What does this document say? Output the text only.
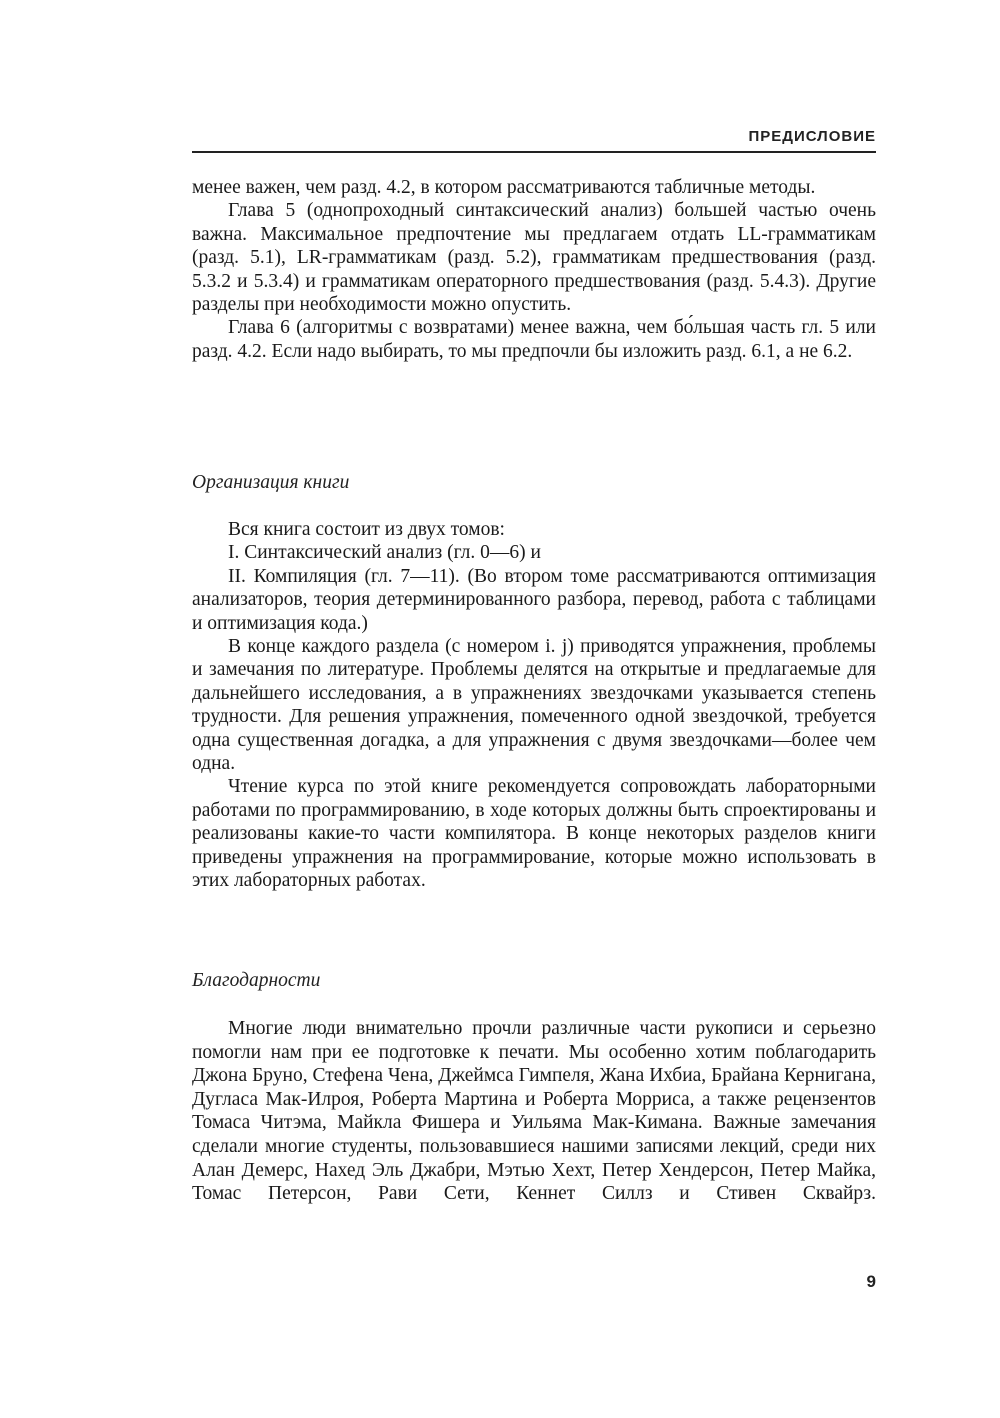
ПРЕДИСЛОВИЕ

менее важен, чем разд. 4.2, в котором рассматриваются табличные методы.

Глава 5 (однопроходный синтаксический анализ) большей частью очень важна. Максимальное предпочтение мы предлагаем отдать LL-грамматикам (разд. 5.1), LR-грамматикам (разд. 5.2), грамматикам предшествования (разд. 5.3.2 и 5.3.4) и грамматикам операторного предшествования (разд. 5.4.3). Другие разделы при необходимости можно опустить.

Глава 6 (алгоритмы с возвратами) менее важна, чем бо́льшая часть гл. 5 или разд. 4.2. Если надо выбирать, то мы предпочли бы изложить разд. 6.1, а не 6.2.

Организация книги

Вся книга состоит из двух томов:

I. Синтаксический анализ (гл. 0—6) и

II. Компиляция (гл. 7—11). (Во втором томе рассматриваются оптимизация анализаторов, теория детерминированного разбора, перевод, работа с таблицами и оптимизация кода.)

В конце каждого раздела (с номером i. j) приводятся упражнения, проблемы и замечания по литературе. Проблемы делятся на открытые и предлагаемые для дальнейшего исследования, а в упражнениях звездочками указывается степень трудности. Для решения упражнения, помеченного одной звездочкой, требуется одна существенная догадка, а для упражнения с двумя звездочками—более чем одна.

Чтение курса по этой книге рекомендуется сопровождать лабораторными работами по программированию, в ходе которых должны быть спроектированы и реализованы какие-то части компилятора. В конце некоторых разделов книги приведены упражнения на программирование, которые можно использовать в этих лабораторных работах.

Благодарности

Многие люди внимательно прочли различные части рукописи и серьезно помогли нам при ее подготовке к печати. Мы особенно хотим поблагодарить Джона Бруно, Стефена Чена, Джеймса Гимпеля, Жана Ихбиа, Брайана Кернигана, Дугласа Мак-Илроя, Роберта Мартина и Роберта Морриса, а также рецензентов Томаса Читэма, Майкла Фишера и Уильяма Мак-Кимана. Важные замечания сделали многие студенты, пользовавшиеся нашими записями лекций, среди них Алан Демерс, Нахед Эль Джабри, Мэтью Хехт, Петер Хендерсон, Петер Майка, Томас Петерсон, Рави Сети, Кеннет Силлз и Стивен Сквайрз.

9
